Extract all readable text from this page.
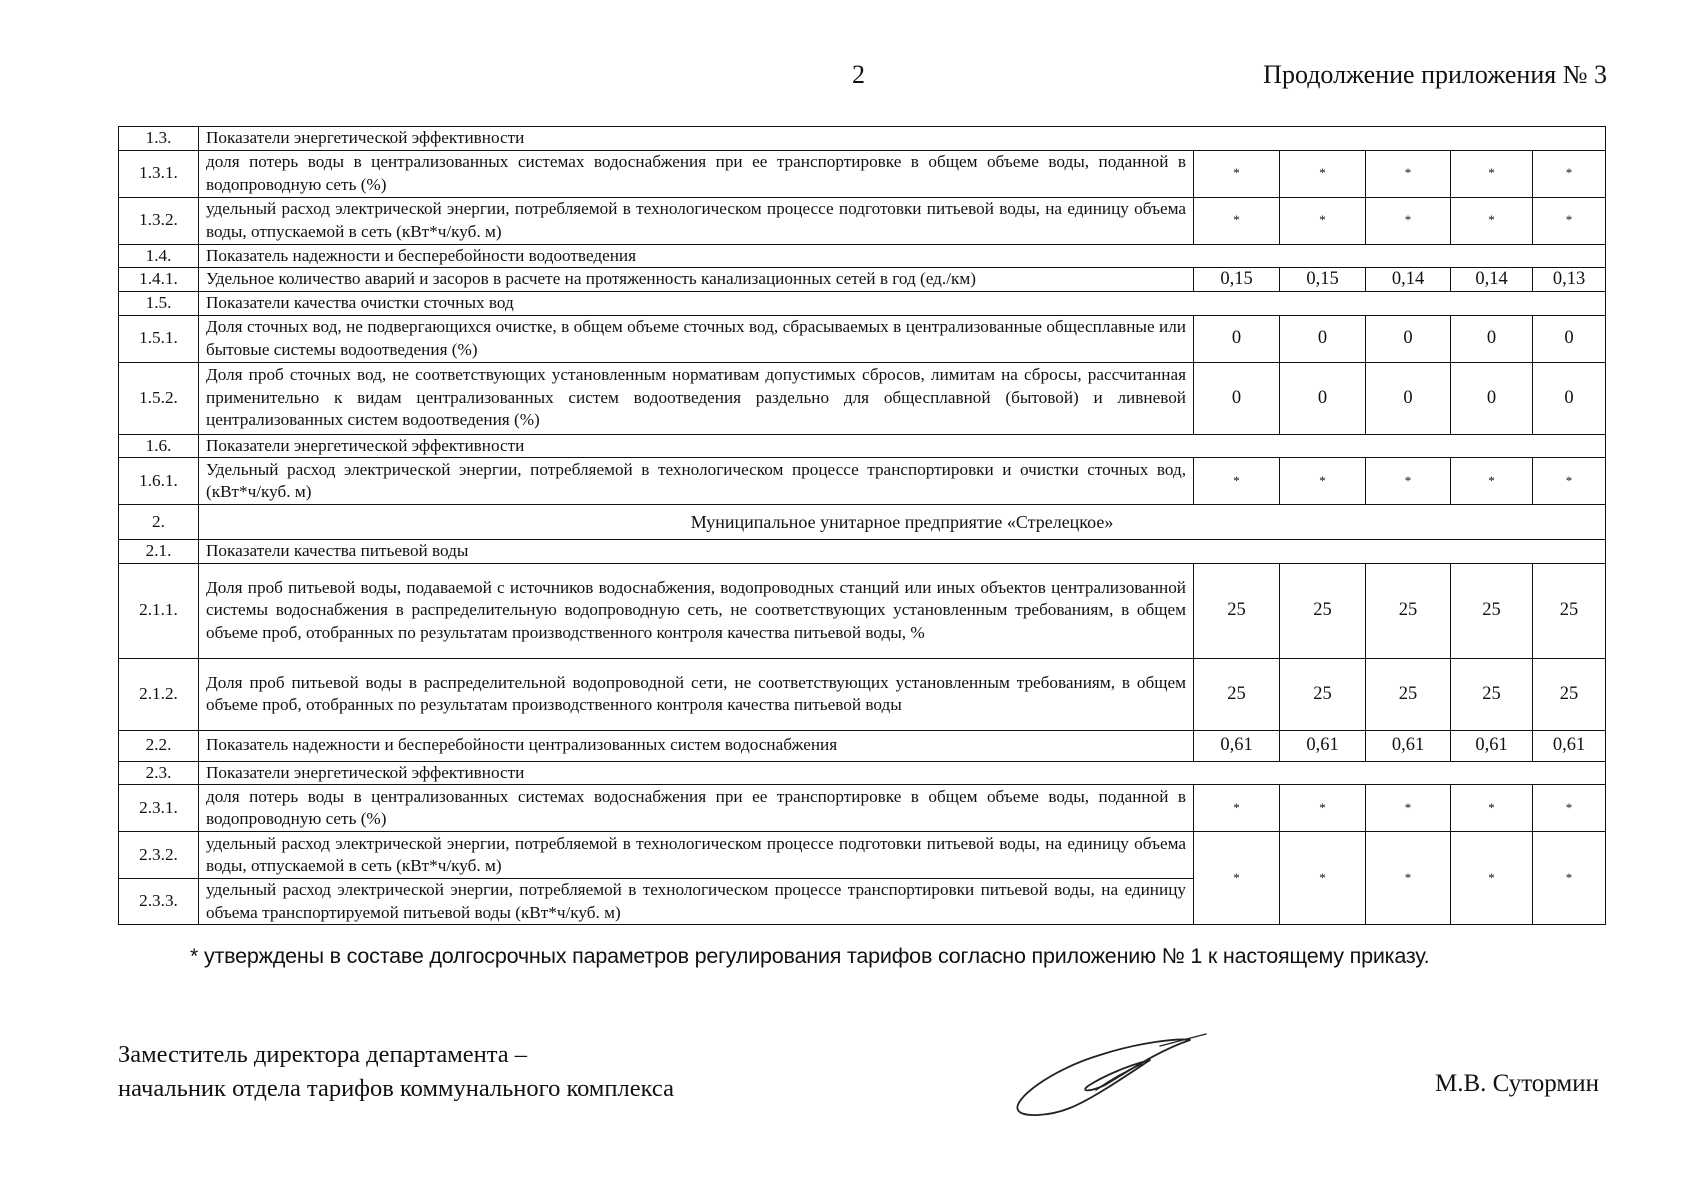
2	Продолжение приложения № 3
1.3.	Показатели энергетической эффективности					
1.3.1.	доля потерь воды в централизованных системах водоснабжения при ее транспортировке в общем объеме воды, поданной в водопроводную сеть (%)	*	*	*	*	*
1.3.2.	удельный расход электрической энергии, потребляемой в технологическом процессе подготовки питьевой воды, на единицу объема воды, отпускаемой в сеть (кВт*ч/куб. м)	*	*	*	*	*
1.4.	Показатель надежности и бесперебойности водоотведения					
1.4.1.	Удельное количество аварий и засоров в расчете на протяженность канализационных сетей в год (ед./км)	0,15	0,15	0,14	0,14	0,13
1.5.	Показатели качества очистки сточных вод					
1.5.1.	Доля сточных вод, не подвергающихся очистке, в общем объеме сточных вод, сбрасываемых в централизованные общесплавные или бытовые системы водоотведения (%)	0	0	0	0	0
1.5.2.	Доля проб сточных вод, не соответствующих установленным нормативам допустимых сбросов, лимитам на сбросы, рассчитанная применительно к видам централизованных систем водоотведения раздельно для общесплавной (бытовой) и ливневой централизованных систем водоотведения (%)	0	0	0	0	0
1.6.	Показатели энергетической эффективности					
1.6.1.	Удельный расход электрической энергии, потребляемой в технологическом процессе транспортировки и очистки сточных вод, (кВт*ч/куб. м)	*	*	*	*	*
2.	Муниципальное унитарное предприятие «Стрелецкое»					
2.1.	Показатели качества питьевой воды					
2.1.1.	Доля проб питьевой воды, подаваемой с источников водоснабжения, водопроводных станций или иных объектов централизованной системы водоснабжения в распределительную водопроводную сеть, не соответствующих установленным требованиям, в общем объеме проб, отобранных по результатам производственного контроля качества питьевой воды, %	25	25	25	25	25
2.1.2.	Доля проб питьевой воды в распределительной водопроводной сети, не соответствующих установленным требованиям, в общем объеме проб, отобранных по результатам производственного контроля качества питьевой воды	25	25	25	25	25
2.2.	Показатель надежности и бесперебойности централизованных систем водоснабжения	0,61	0,61	0,61	0,61	0,61
2.3.	Показатели энергетической эффективности					
2.3.1.	доля потерь воды в централизованных системах водоснабжения при ее транспортировке в общем объеме воды, поданной в водопроводную сеть (%)	*	*	*	*	*
2.3.2.	удельный расход электрической энергии, потребляемой в технологическом процессе подготовки питьевой воды, на единицу объема воды, отпускаемой в сеть (кВт*ч/куб. м)	*	*	*	*	*
2.3.3.	удельный расход электрической энергии, потребляемой в технологическом процессе транспортировки питьевой воды, на единицу объема транспортируемой питьевой воды (кВт*ч/куб. м)					
* утверждены в составе долгосрочных параметров регулирования тарифов согласно приложению № 1 к настоящему приказу.
Заместитель директора департамента –
начальник отдела тарифов коммунального комплекса	М.В. Сутормин
